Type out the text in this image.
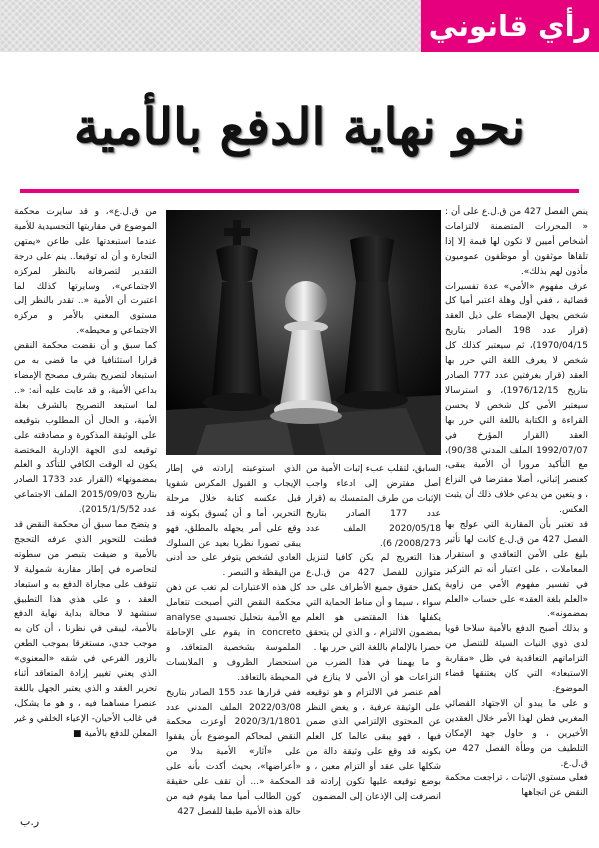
رأي قانوني
نحو نهاية الدفع بالأمية

ينص الفصل 427 من ق.ل.ع على أن : « المحررات المتضمنة لالتزامات أشخاص أميين لا تكون لها قيمة إلا إذا تلقاها موثقون أو موظفون عموميون مأذون لهم بذلك».

عرف مفهوم «الأمي» عدة تفسيرات قضائية ، ففي أول وهلة اعتبر أميا كل شخص يجهل الإمضاء على ذيل العقد (قرار عدد 198 الصادر بتاريخ 1970/04/15)، ثم سيعتبر كذلك كل شخص لا يعرف اللغة التي حرر بها العقد (قرار بغرفتين عدد 777 الصادر بتاريخ 1976/12/15)، و استرسالا سيعتبر الأمي كل شخص لا يحسن القراءة و الكتابة باللغة التي حرر بها العقد (القرار المؤرخ في 1992/07/07 الملف المدني 90/38)، مع التأكيد مرورا أن الأمية يبقى، كعنصر إثباتي، أصلا مفترضا في النزاع ، و يتعين من يدعي خلاف ذلك أن يثبت العكس.

قد تعتبر بأن المقاربة التي عولج بها الفصل 427 من ق.ل.ع كانت لها تأثير بليغ على الأمن التعاقدي و استقرار المعاملات ، على اعتبار أنه تم التركيز في تفسير مفهوم الأمي من زاوية «العلم بلغة العقد» على حساب «العلم بمضمونه».

و بذلك أصبح الدفع بالأمية سلاحا قويا لدى ذوي النيات السيئة للتنصل من التزاماتهم التعاقدية في ظل «مقاربة الاستبعاد» التي كان يعتنقها قضاء الموضوع.

و على ما يبدو أن الاجتهاد القضائي المغربي فطن لهذا الأمر خلال العقدين الأخيرين ، و حاول جهد الإمكان التلطيف من وطأة الفصل 427 من ق.ل.ع.

فعلى مستوى الإثبات ، تراجعت محكمة النقض عن اتجاهها

السابق، لتقلب عبء إثبات الأمية من أصل مفترض إلى ادعاء واجب الإثبات من طرف المتمسك به (قرار عدد 177 الصادر بتاريخ 2020/05/18 الملف عدد 2008/273/ 6).

هذا التعريج لم يكن كافيا لتنزيل متوازن للفصل 427 من ق.ل.ع يكفل حقوق جميع الأطراف على حد سواء ، سيما و أن مناط الحماية التي يكفلها هذا المقتضى هو العلم بمضمون الالتزام ، و الذي لن يتحقق حصرا بالإلمام باللغة التي حرر بها .

و ما يهمنا في هذا الضرب من النزاعات هو أن الأمي لا ينازع في أهم عنصر في الالتزام و هو توقيعه على الوثيقة عرفية ، و يغض النظر عن المحتوى الإلتزامي الذي ضمن فيها ، فهو يبقى عالما كل العلم بكونه قد وقع على وثيقة دالة من شكلها على عقد أو التزام معين ، و بوضع توقيعه عليها تكون إرادته قد انصرفت إلى الإذعان إلى المضمون

الذي استوعبته إرادته في إطار الإيجاب و القبول المكرس شفويا قبل عكسه كتابة خلال مرحلة التحرير، أما و أن يُسوق بكونه قد وقع على أمر يجهله بالمطلق، فهو يبقى تصورا نظريا بعيد عن السلوك العادي لشخص يتوفر على حد أدنى من اليقظة و التبصر .

كل هذه الاعتبارات لم تغب عن ذهن محكمة النقض التي أصبحت تتعامل مع الأمية بتحليل تجسيدي analyse in concreto يقوم على الإحاطة الملموسة بشخصية المتعاقد، و استحضار الظروف و الملابسات المحيطة بالتعاقد.

ففي قرارها عدد 155 الصادر بتاريخ 2022/03/08 الملف المدني عدد 2020/3/1/1801 أوعزت محكمة النقض لمحاكم الموضوع بأن يقفوا على «آثار» الأمية بدلا من «أعراضها»، بحيث أكدت بأنه على المحكمة «... أن تقف على حقيقة كون الطالب أميا مما يقوم فيه من حالة هذه الأمية طبقا للفصل 427

من ق.ل.ع»، و قد سايرت محكمة الموضوع في مقاربتها التجسيدية للأمية عندما استبعدتها على طاعن «يمتهن التجارة و أن له توقيعا.. ينم على درجة التقدير لتصرفاته بالنظر لمركزه الاجتماعي»، وسايرتها كذلك لما اعتبرت أن الأمية «.. تقدر بالنظر إلى مستوى المعني بالأمر و مركزه الاجتماعي و محيطه».

كما سبق و أن نقضت محكمة النقض قرارا استئنافيا في ما قضى به من استبعاد لتصريح بشرف مصحح الإمضاء بداعي الأمية، و قد عابت عليه أنه: «.. لما استبعد التصريح بالشرف بعلة الأمية، و الحال أن المطلوب بتوقيعه على الوثيقة المذكورة و مصادقته على توقيعه لدى الجهة الإدارية المختصة يكون له الوقت الكافي للتأكد و العلم بمضمونها» (القرار عدد 1733 الصادر بتاريخ 2015/09/03 الملف الاجتماعي عدد 2015/1/5/52).

و يتضح مما سبق أن محكمة النقض قد فطنت للتحوير الذي عرفه التحجج بالأمية و ضيقت بتبصر من سطوته لتحاصره في إطار مقاربة شمولية لا تتوقف على مجاراة الدفع به و استبعاد العقد ، و على هذي هذا التطبيق سنشهد لا محالة بداية نهاية الدفع بالأمية، ليبقى في نظرنا ، أن كان به موجب جدي، مستغرقا بموجب الطعن بالزور الفرعي في شقه «المعنوي» الذي يعني تغيير إرادة المتعاقد أثناء تحرير العقد و الذي يعتبر الجهل باللغة عنصرا مساهما فيه ، و هو ما يشكل، في غالب الأحيان- الإعياء الخلفي و غير المعلن للدفع بالأمية ■

ر.ب
